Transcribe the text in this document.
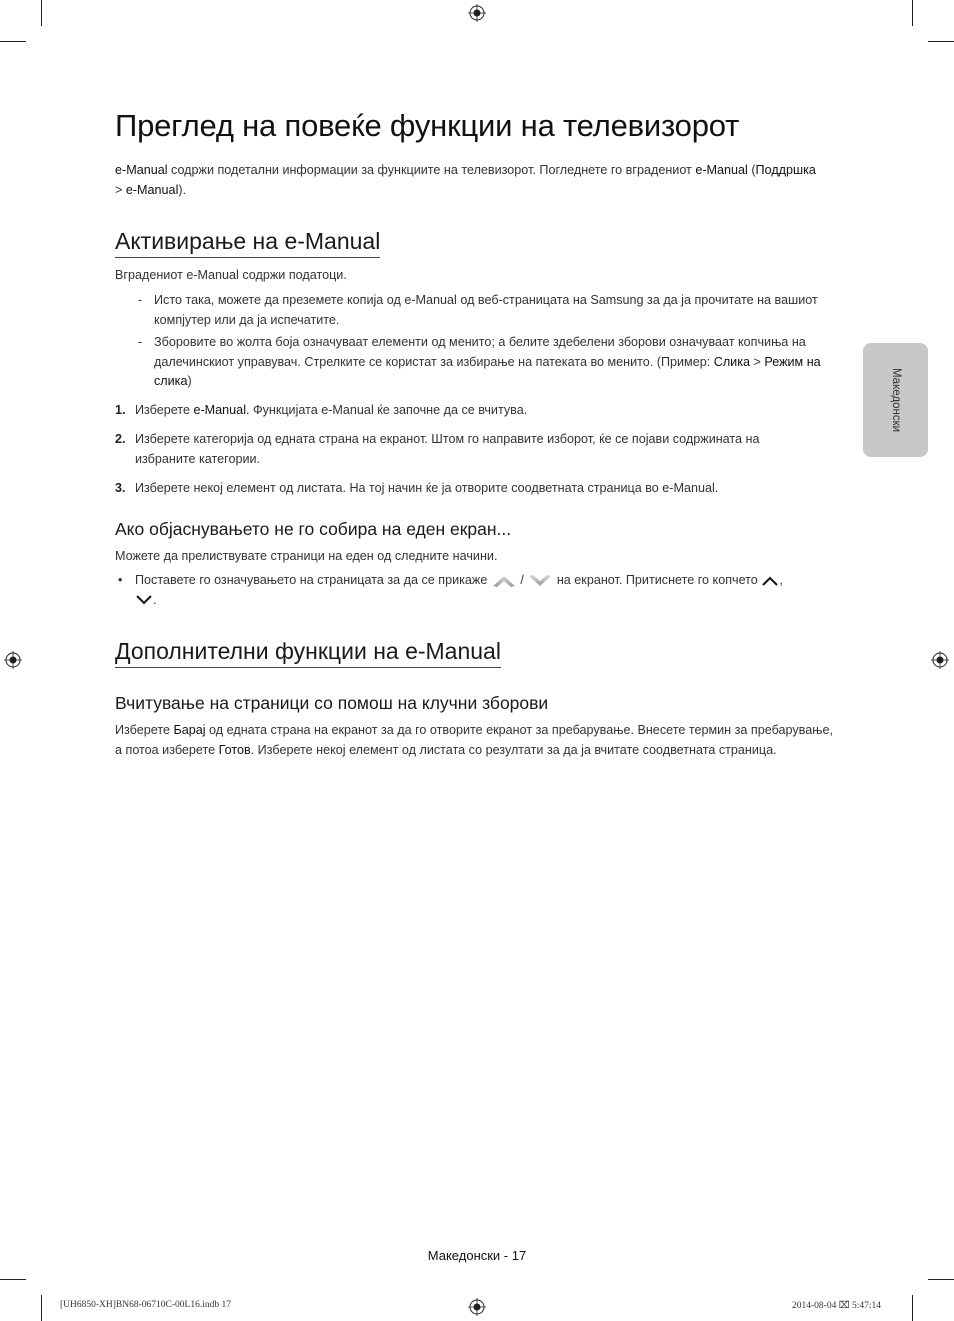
Македонски
Преглед на повеќе функции на телевизорот

e-Manual содржи подетални информации за функциите на телевизорот. Погледнете го вградениот e-Manual (Поддршка
> e-Manual).

Активирање на e-Manual

Вградениот e-Manual содржи податоци.

- Исто така, можете да преземете копија од e-Manual од веб-страницата на Samsung за да ја прочитате на вашиот компјутер или да ја испечатите.

- Зборовите во жолта боја означуваат елементи од менито; а белите здебелени зборови означуваат копчиња на далечинскиот управувач. Стрелките се користат за избирање на патеката во менито. (Пример: Слика > Режим на слика)

1. Изберете e-Manual. Функцијата e-Manual ќе започне да се вчитува.

2. Изберете категорија од едната страна на екранот. Штом го направите изборот, ќе се појави содржината на избраните категории.

3. Изберете некој елемент од листата. На тој начин ќе ја отворите соодветната страница во e-Manual.

Ако објаснувањето не го собира на еден екран...

Можете да прелиствувате страници на еден од следните начини.

• Поставете го означувањето на страницата за да се прикаже	/	на екранот. Притиснете го копчето ,
.

Дополнителни функции на e-Manual
Вчитување на страници со помош на клучни зборови

Изберете Барај од едната страна на екранот за да го отворите екранот за пребарување. Внесете термин за пребарување, а потоа изберете Готов. Изберете некој елемент од листата со резултати за да ја вчитате соодветната страница.

Македонски - 17
[UH6850-XH]BN68-06710C-00L16.indb 17	2014-08-04 ⌧ 5:47:14
